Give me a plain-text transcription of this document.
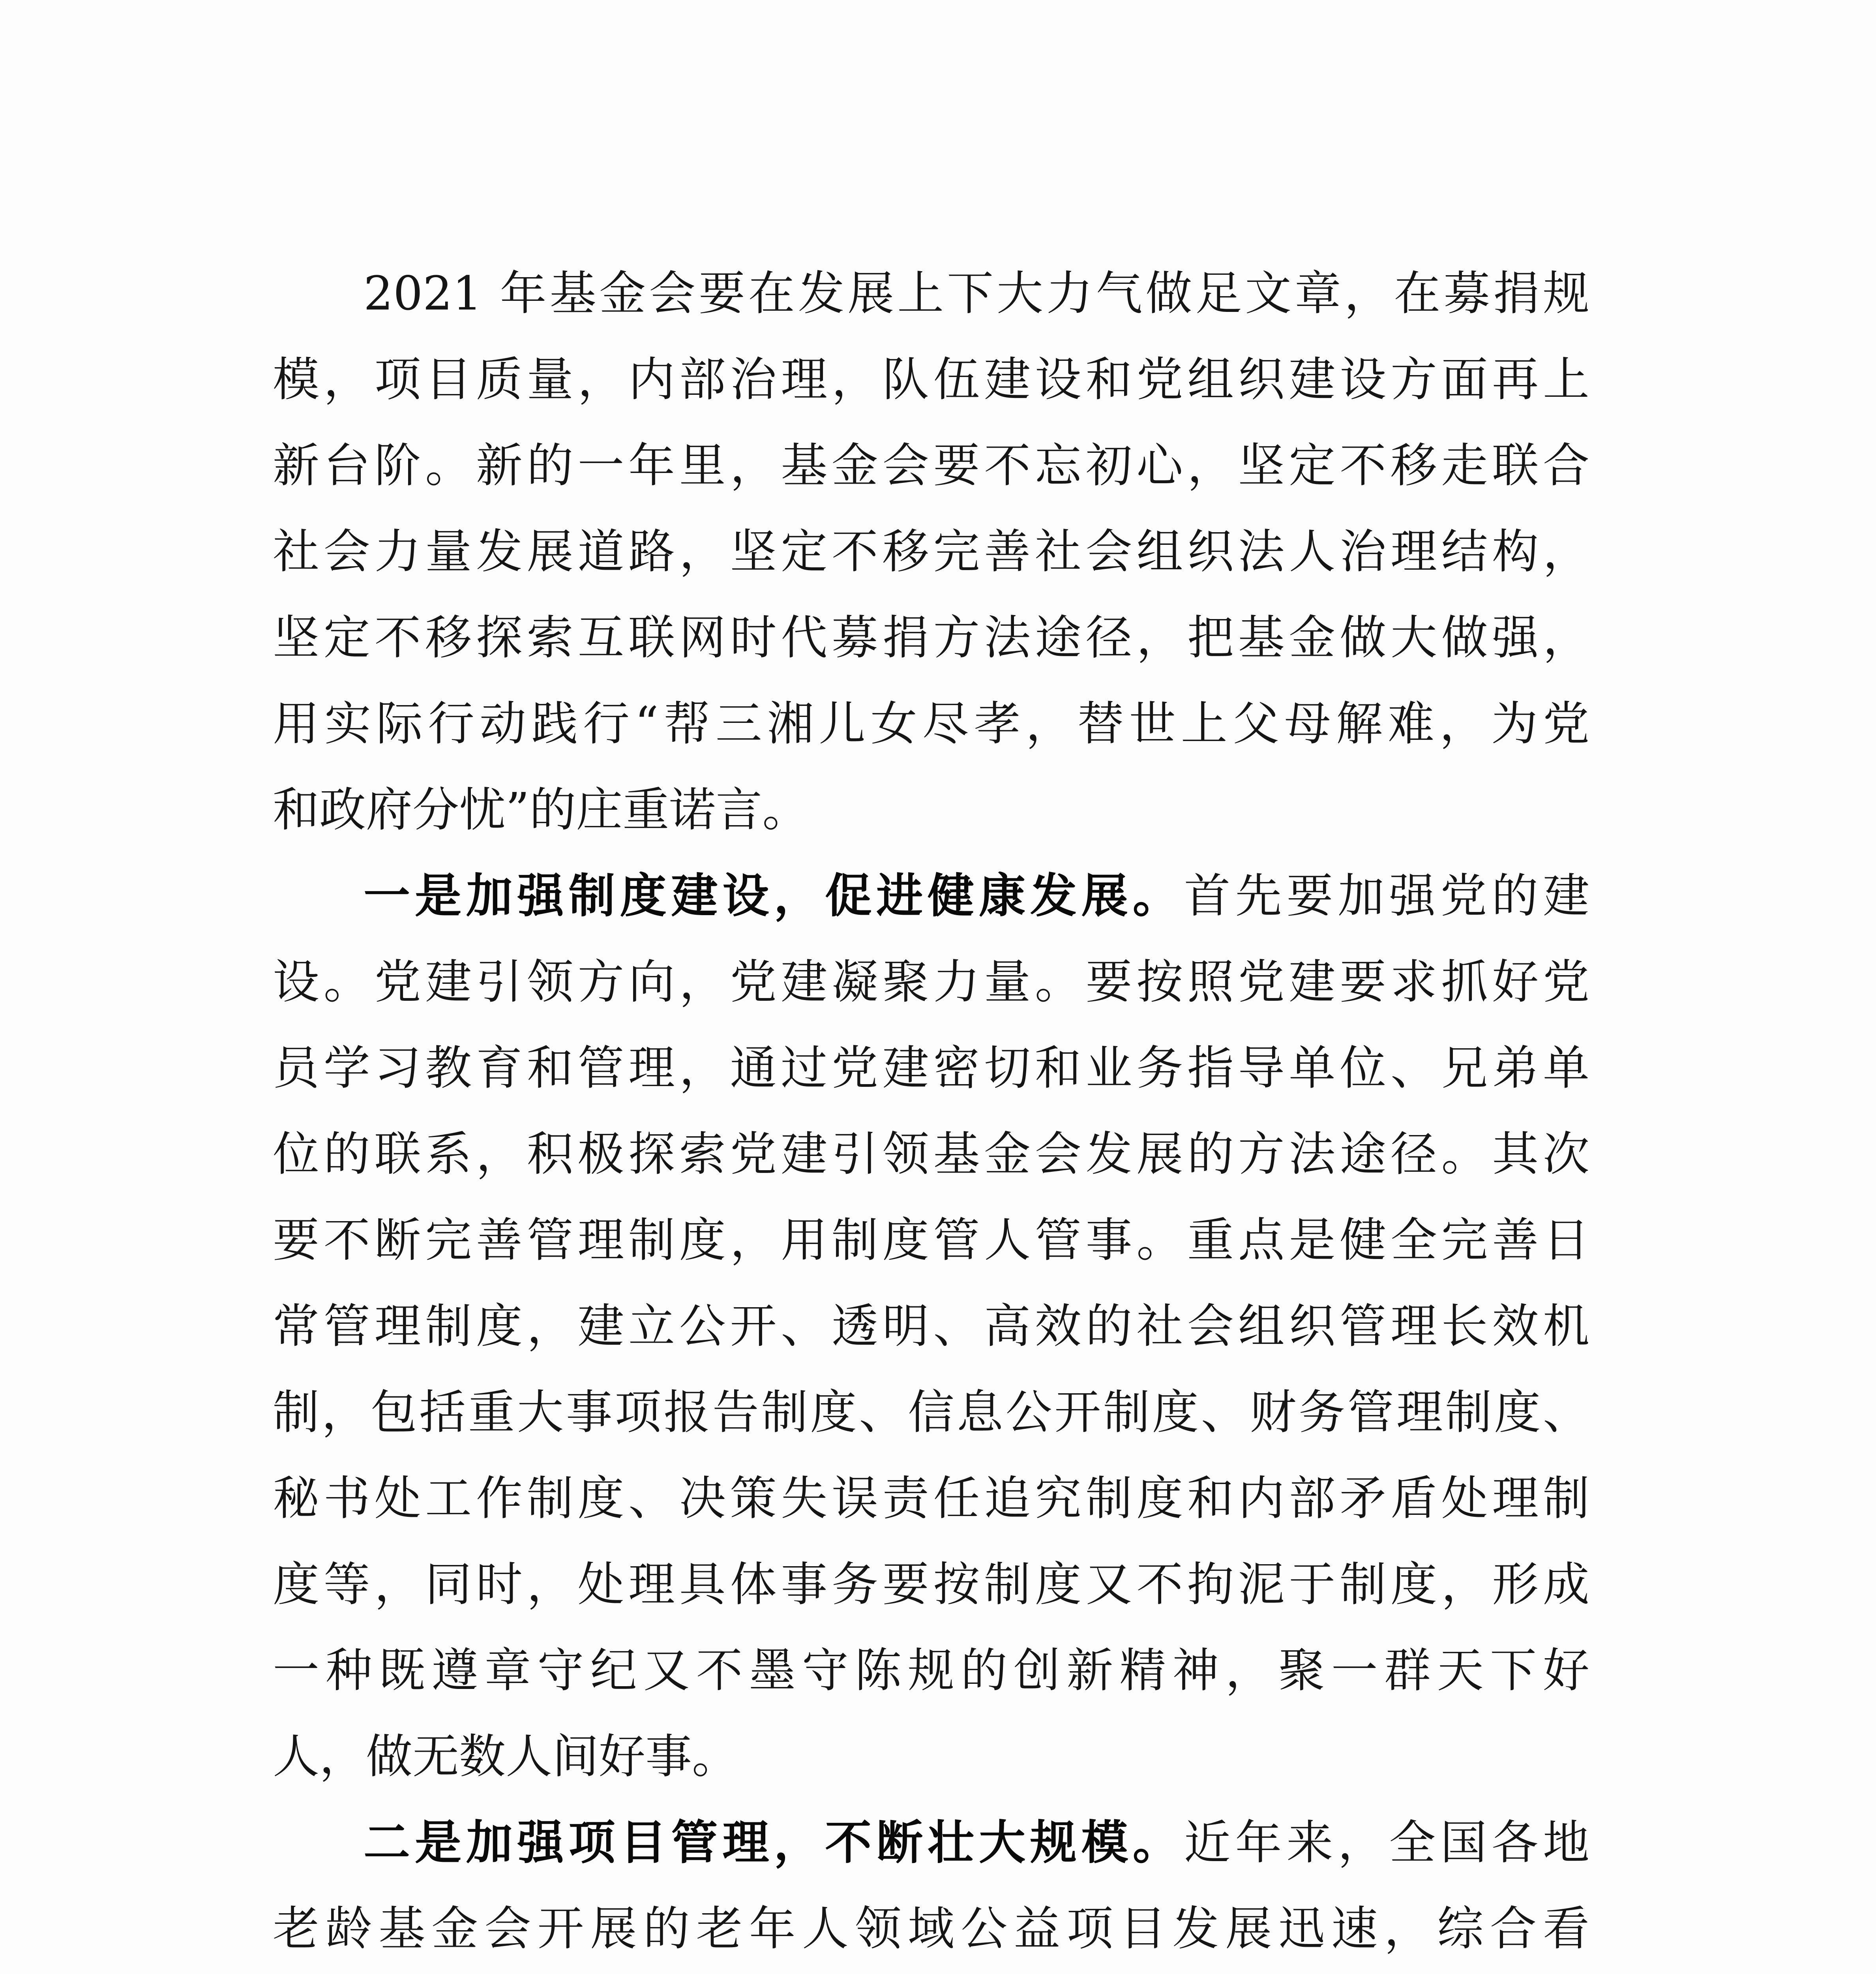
2021 年基金会要在发展上下大力气做足文章，在募捐规
模，项目质量，内部治理，队伍建设和党组织建设方面再上
新台阶。新的一年里，基金会要不忘初心，坚定不移走联合
社会力量发展道路，坚定不移完善社会组织法人治理结构，
坚定不移探索互联网时代募捐方法途径，把基金做大做强，
用实际行动践行“帮三湘儿女尽孝，替世上父母解难，为党
和政府分忧”的庄重诺言。
一是加强制度建设，促进健康发展。首先要加强党的建
设。党建引领方向，党建凝聚力量。要按照党建要求抓好党
员学习教育和管理，通过党建密切和业务指导单位、兄弟单
位的联系，积极探索党建引领基金会发展的方法途径。其次
要不断完善管理制度，用制度管人管事。重点是健全完善日
常管理制度，建立公开、透明、高效的社会组织管理长效机
制，包括重大事项报告制度、信息公开制度、财务管理制度、
秘书处工作制度、决策失误责任追究制度和内部矛盾处理制
度等，同时，处理具体事务要按制度又不拘泥于制度，形成
一种既遵章守纪又不墨守陈规的创新精神，聚一群天下好
人，做无数人间好事。
二是加强项目管理，不断壮大规模。近年来，全国各地
老龄基金会开展的老年人领域公益项目发展迅速，综合看
